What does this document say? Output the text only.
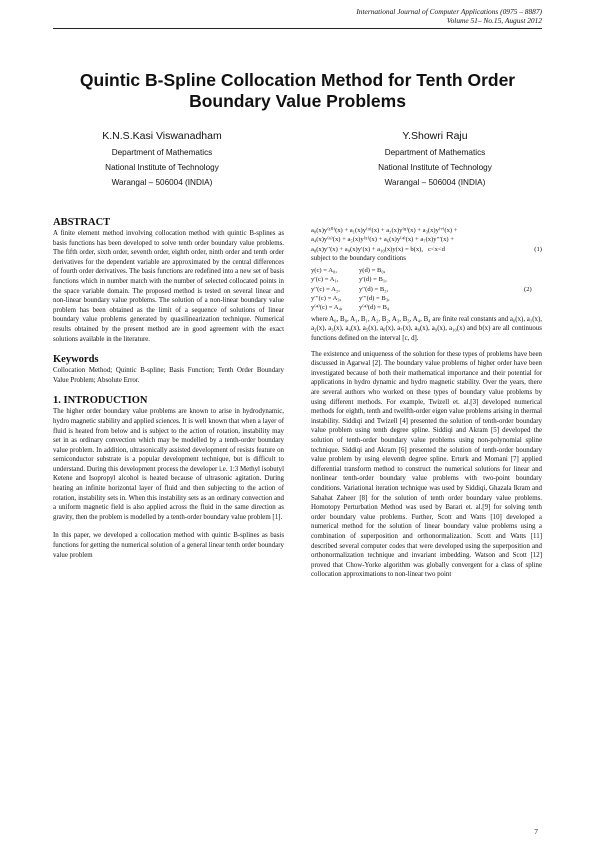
International Journal of Computer Applications (0975 – 8887)
Volume 51– No.15, August 2012
Quintic B-Spline Collocation Method for Tenth Order Boundary Value Problems
K.N.S.Kasi Viswanadham
Department of Mathematics
National Institute of Technology
Warangal – 506004 (INDIA)
Y.Showri Raju
Department of Mathematics
National Institute of Technology
Warangal – 506004 (INDIA)
ABSTRACT

A finite element method involving collocation method with quintic B-splines as basis functions has been developed to solve tenth order boundary value problems. The fifth order, sixth order, seventh order, eighth order, ninth order and tenth order derivatives for the dependent variable are approximated by the central differences of fourth order derivatives. The basis functions are redefined into a new set of basis functions which in number match with the number of selected collocated points in the space variable domain. The proposed method is tested on several linear and non-linear boundary value problems. The solution of a non-linear boundary value problem has been obtained as the limit of a sequence of solutions of linear boundary value problems generated by quasilinearization technique. Numerical results obtained by the present method are in good agreement with the exact solutions available in the literature.

Keywords

Collocation Method; Quintic B-spline; Basis Function; Tenth Order Boundary Value Problem; Absolute Error.

1. INTRODUCTION

The higher order boundary value problems are known to arise in hydrodynamic, hydro magnetic stability and applied sciences. It is well known that when a layer of fluid is heated from below and is subject to the action of rotation, instability may set in as ordinary convection which may be modelled by a tenth-order boundary value problem. In addition, ultrasonically assisted development of resists feature on semiconductor substrate is a popular development technique, but is difficult to understand. During this development process the developer i.e. 1:3 Methyl isobutyl Ketene and Isopropyl alcohol is heated because of ultrasonic agitation. During heating an infinite horizontal layer of fluid and then subjecting to the action of rotation, instability sets in. When this instability sets as an ordinary convection and a uniform magnetic field is also applied across the fluid in the same direction as gravity, then the problem is modelled by a tenth-order boundary value problem [1].

In this paper, we developed a collocation method with quintic B-splines as basis functions for getting the numerical solution of a general linear tenth order boundary value problem

a₀(x)y⁽¹⁰⁾(x) + a₁(x)y⁽⁹⁾(x) + a₂(x)y⁽⁸⁾(x) + a₃(x)y⁽⁷⁾(x) +
a₄(x)y⁽⁶⁾(x) + a₅(x)y⁽⁵⁾(x) + a₆(x)y⁽⁴⁾(x) + a₇(x)y′′′(x) +
a₈(x)y′′(x) + a₉(x)y′(x) + a₁₀(x)y(x) = b(x),   c<x<d	(1)

subject to the boundary conditions

y(c) = A₀,
y′(c) = A₁,
y′′(c) = A₂,
y′′′(c) = A₃,
y⁽⁴⁾(c) = A₄,
y(d) = B₀,
y′(d) = B₁,
y′′(d) = B₂,
y′′′(d) = B₃,
y⁽⁴⁾(d) = B₄
(2)

where A₀, B₀, A₁, B₁, A₂, B₂, A₃, B₃, A₄, B₄ are finite real constants and a₀(x), a₁(x), a₂(x), a₃(x), a₄(x), a₅(x), a₆(x), a₇(x), a₈(x), a₉(x), a₁₀(x) and b(x) are all continuous functions defined on the interval [c, d].

The existence and uniqueness of the solution for these types of problems have been discussed in Agarwal [2]. The boundary value problems of higher order have been investigated because of both their mathematical importance and their potential for applications in hydro dynamic and hydro magnetic stability. Over the years, there are several authors who worked on these types of boundary value problems by using different methods. For example, Twizell et. al.[3] developed numerical methods for eighth, tenth and twelfth-order eigen value problems arising in thermal instability. Siddiqi and Twizell [4] presented the solution of tenth-order boundary value problem using tenth degree spline. Siddiqi and Akram [5] developed the solution of tenth-order boundary value problems using non-polynomial spline technique. Siddiqi and Akram [6] presented the solution of tenth-order boundary value problem by using eleventh degree spline. Erturk and Momani [7] applied differential transform method to construct the numerical solutions for linear and nonlinear tenth-order boundary value problems with two-point boundary conditions. Variational iteration technique was used by Siddiqi, Ghazala Ikram and Sabahat Zaheer [8] for the solution of tenth order boundary value problems. Homotopy Perturbation Method was used by Barari et. al.[9] for solving tenth order boundary value problems. Further, Scott and Watts [10] developed a numerical method for the solution of linear boundary value problems using a combination of superposition and orthonormalization. Scott and Watts [11] described several computer codes that were developed using the superposition and orthonormalization technique and invariant imbedding. Watson and Scott [12] proved that Chow-Yorke algorithm was globally convergent for a class of spline collocation approximations to non-linear two point

7
